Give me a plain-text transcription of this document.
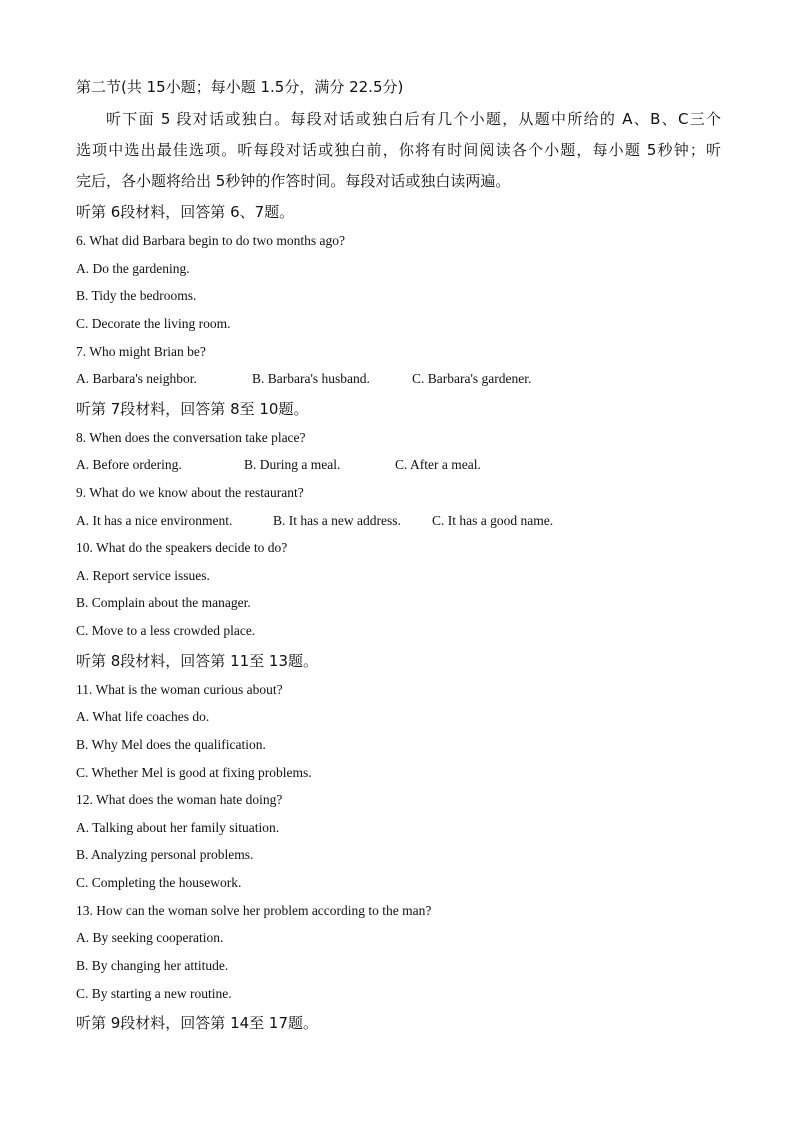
第二节(共 15小题；每小题 1.5分，满分 22.5分)
听下面 5 段对话或独白。每段对话或独白后有几个小题，从题中所给的 A、B、C三个
选项中选出最佳选项。听每段对话或独白前，你将有时间阅读各个小题，每小题 5秒钟；听
完后，各小题将给出 5秒钟的作答时间。每段对话或独白读两遍。
听第 6段材料，回答第 6、7题。
6. What did Barbara begin to do two months ago?
A. Do the gardening.
B. Tidy the bedrooms.
C. Decorate the living room.
7. Who might Brian be?
A. Barbara's neighbor.	B. Barbara's husband.	C. Barbara's gardener.
听第 7段材料，回答第 8至 10题。
8. When does the conversation take place?
A. Before ordering.	B. During a meal.	C. After a meal.
9. What do we know about the restaurant?
A. It has a nice environment.	B. It has a new address. C. It has a good name.
10. What do the speakers decide to do?
A. Report service issues.
B. Complain about the manager.
C. Move to a less crowded place.
听第 8段材料，回答第 11至 13题。
11. What is the woman curious about?
A. What life coaches do.
B. Why Mel does the qualification.
C. Whether Mel is good at fixing problems.
12. What does the woman hate doing?
A. Talking about her family situation.
B. Analyzing personal problems.
C. Completing the housework.
13. How can the woman solve her problem according to the man?
A. By seeking cooperation.
B. By changing her attitude.
C. By starting a new routine.
听第 9段材料，回答第 14至 17题。
